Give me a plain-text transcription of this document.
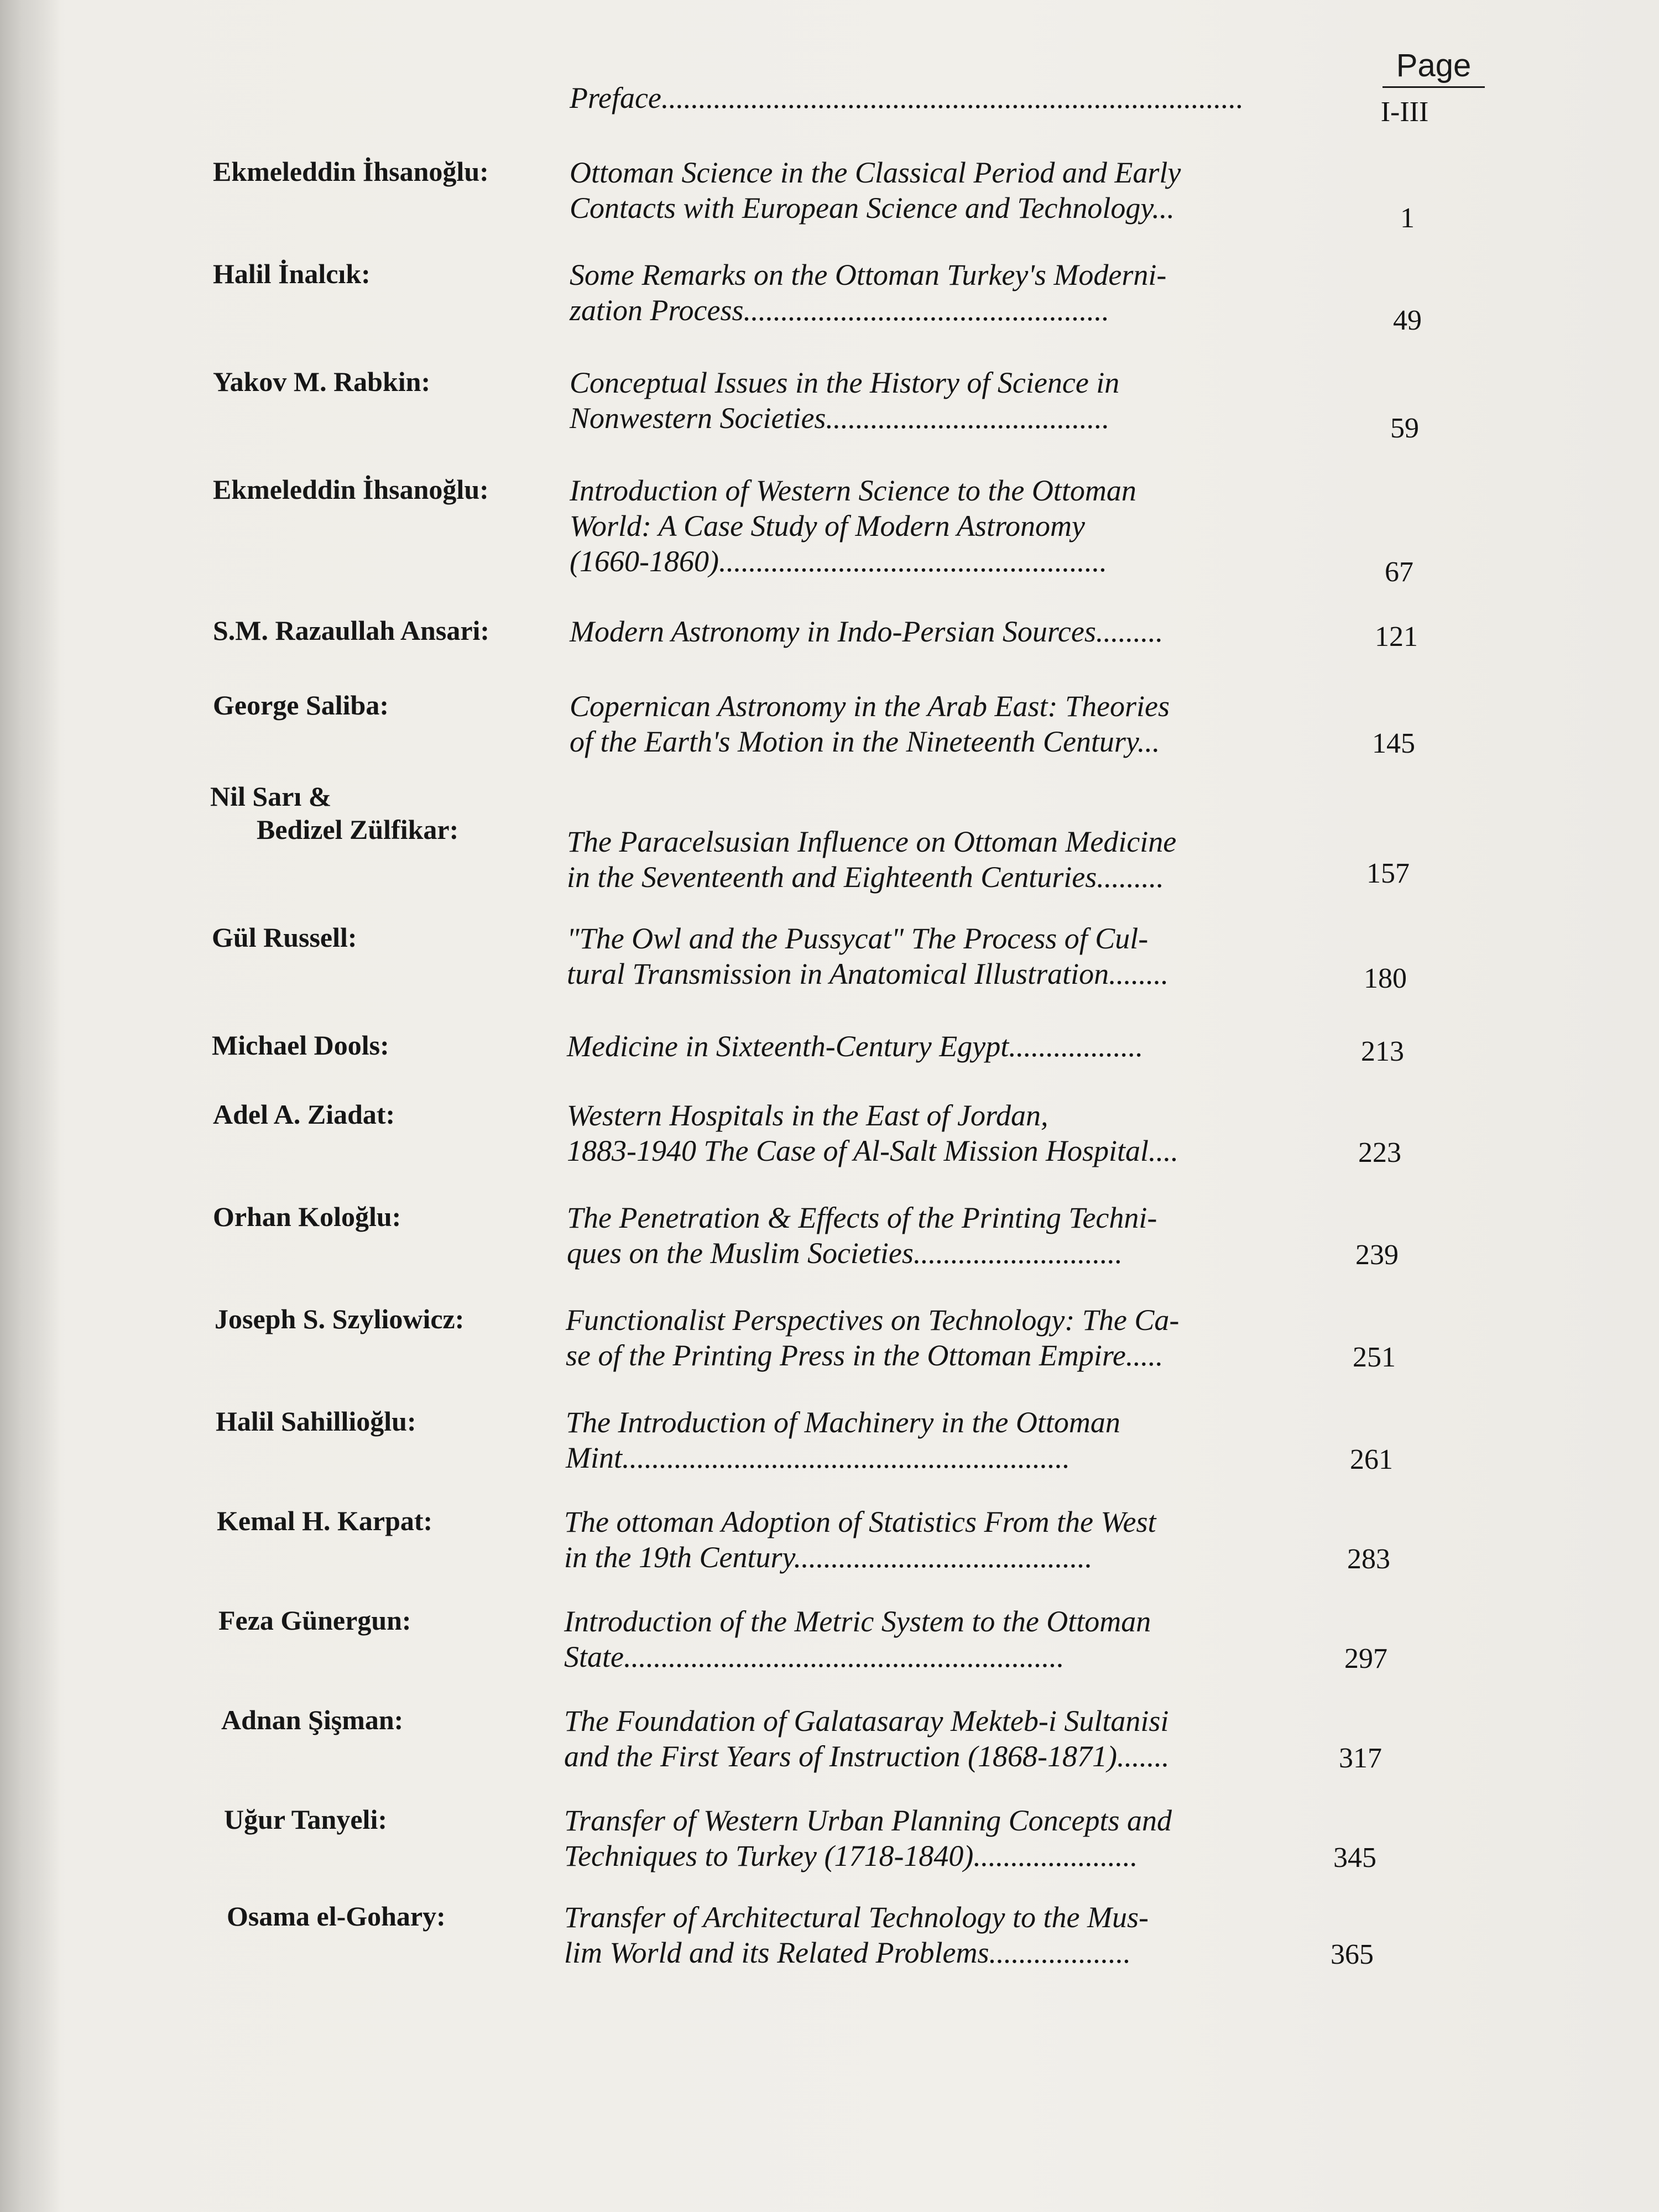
Page
Preface..............................................................................	I-III
Ekmeleddin İhsanoğlu:	Ottoman Science in the Classical Period and Early
Contacts with European Science and Technology...	1
Halil İnalcık:	Some Remarks on the Ottoman Turkey's Moderni-
zation Process.................................................	49
Yakov M. Rabkin:	Conceptual Issues in the History of Science in
Nonwestern Societies......................................	59
Ekmeleddin İhsanoğlu:	Introduction of Western Science to the Ottoman
World: A Case Study of Modern Astronomy
(1660-1860)....................................................	67
S.M. Razaullah Ansari:	Modern Astronomy in Indo-Persian Sources.........	121
George Saliba:	Copernican Astronomy in the Arab East: Theories
of the Earth's Motion in the Nineteenth Century...	145
Nil Sarı &
Bedizel Zülfikar:	The Paracelsusian Influence on Ottoman Medicine
in the Seventeenth and Eighteenth Centuries.........	157
Gül Russell:	"The Owl and the Pussycat" The Process of Cul-
tural Transmission in Anatomical Illustration........	180
Michael Dools:	Medicine in Sixteenth-Century Egypt..................	213
Adel A. Ziadat:	Western Hospitals in the East of Jordan,
1883-1940 The Case of Al-Salt Mission Hospital....	223
Orhan Koloğlu:	The Penetration & Effects of the Printing Techni-
ques on the Muslim Societies............................	239
Joseph S. Szyliowicz:	Functionalist Perspectives on Technology: The Ca-
se of the Printing Press in the Ottoman Empire.....	251
Halil Sahillioğlu:	The Introduction of Machinery in the Ottoman
Mint............................................................	261
Kemal H. Karpat:	The ottoman Adoption of Statistics From the West
in the 19th Century........................................	283
Feza Günergun:	Introduction of the Metric System to the Ottoman
State...........................................................	297
Adnan Şişman:	The Foundation of Galatasaray Mekteb-i Sultanisi
and the First Years of Instruction (1868-1871).......	317
Uğur Tanyeli:	Transfer of Western Urban Planning Concepts and
Techniques to Turkey (1718-1840)......................	345
Osama el-Gohary:	Transfer of Architectural Technology to the Mus-
lim World and its Related Problems...................	365
